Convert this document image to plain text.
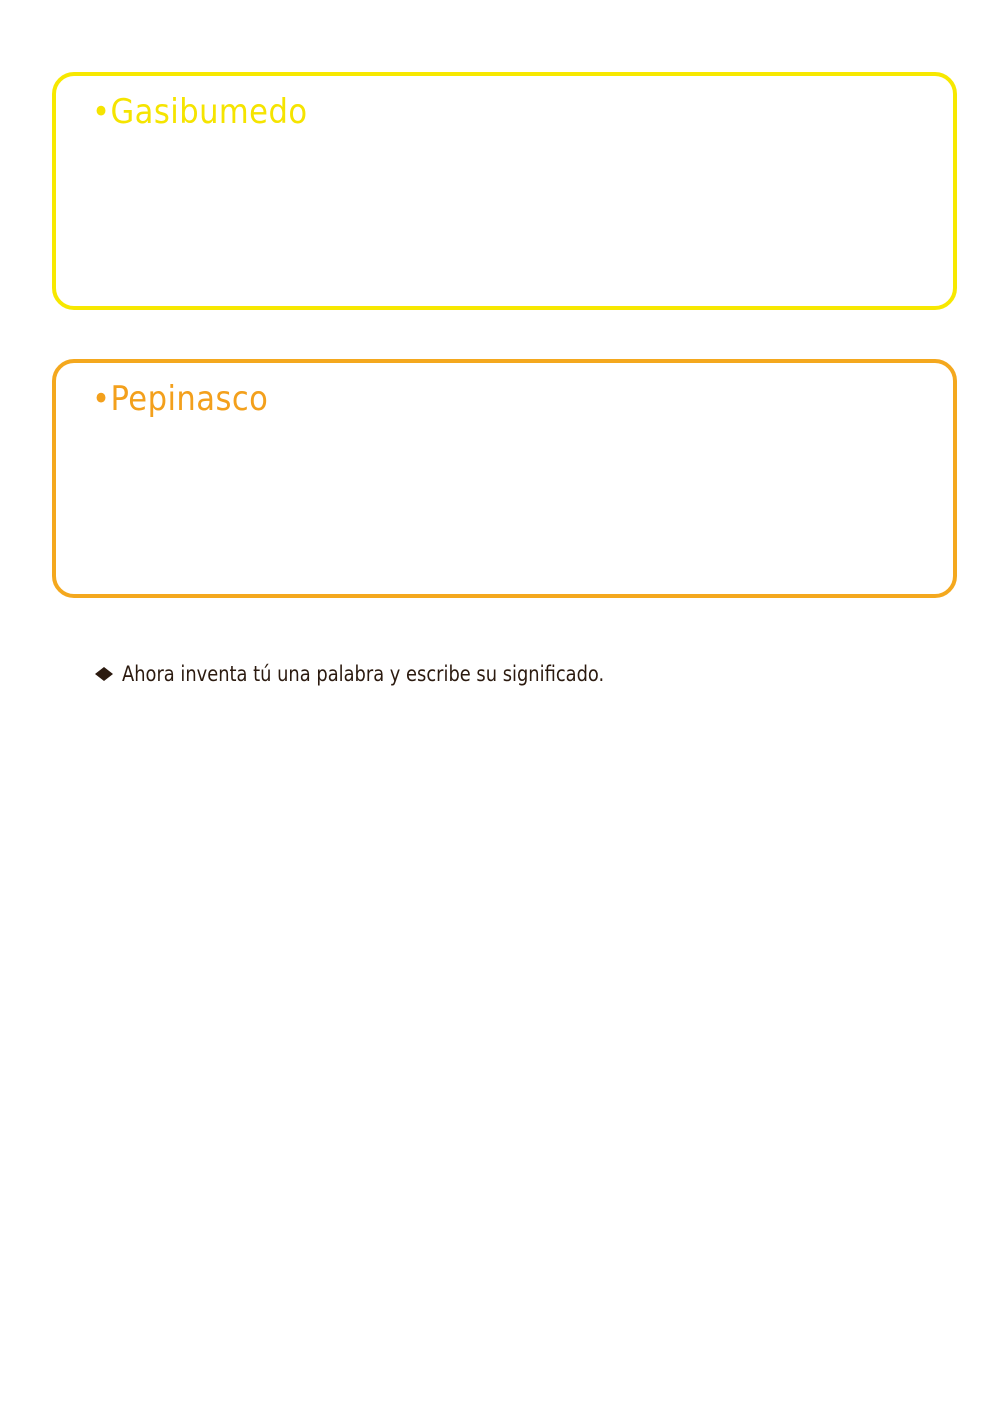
•Gasibumedo
•Pepinasco
Ahora inventa tú una palabra y escribe su significado.
